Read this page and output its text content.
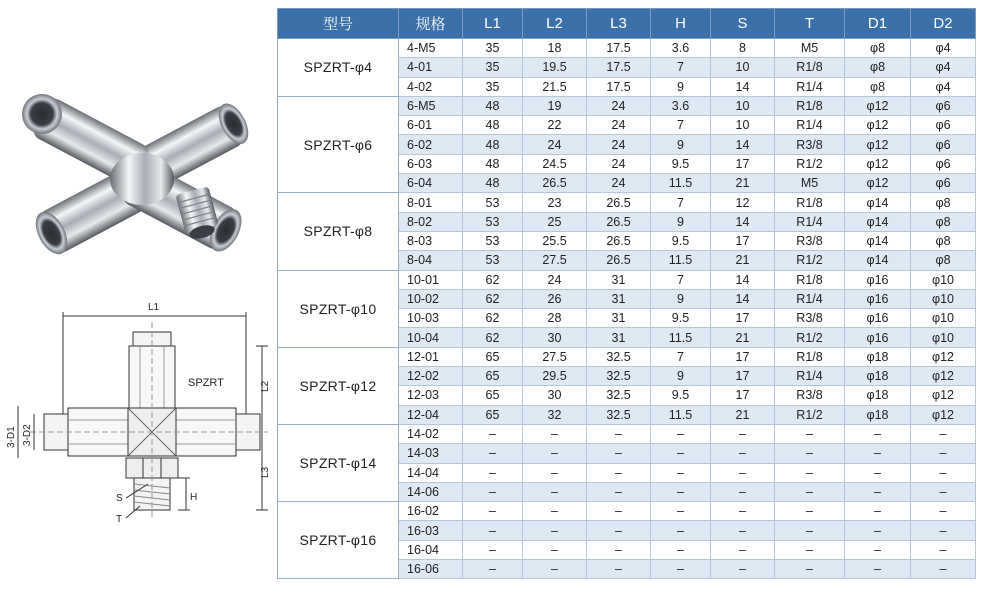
L1
SPZRT	L2
L3
H
S
T
3-D1 3-D2
型号	规格	L1	L2	L3	H	S	T	D1	D2
SPZRT-φ4	4-M5	35	18	17.5	3.6	8	M5	φ8	φ4
	4-01	35	19.5	17.5	7	10	R1/8	φ8	φ4
	4-02	35	21.5	17.5	9	14	R1/4	φ8	φ4
SPZRT-φ6	6-M5	48	19	24	3.6	10	R1/8	φ12	φ6
	6-01	48	22	24	7	10	R1/4	φ12	φ6
	6-02	48	24	24	9	14	R3/8	φ12	φ6
	6-03	48	24.5	24	9.5	17	R1/2	φ12	φ6
	6-04	48	26.5	24	11.5	21	M5	φ12	φ6
SPZRT-φ8	8-01	53	23	26.5	7	12	R1/8	φ14	φ8
	8-02	53	25	26.5	9	14	R1/4	φ14	φ8
	8-03	53	25.5	26.5	9.5	17	R3/8	φ14	φ8
	8-04	53	27.5	26.5	11.5	21	R1/2	φ14	φ8
SPZRT-φ10	10-01	62	24	31	7	14	R1/8	φ16	φ10
	10-02	62	26	31	9	14	R1/4	φ16	φ10
	10-03	62	28	31	9.5	17	R3/8	φ16	φ10
	10-04	62	30	31	11.5	21	R1/2	φ16	φ10
SPZRT-φ12	12-01	65	27.5	32.5	7	17	R1/8	φ18	φ12
	12-02	65	29.5	32.5	9	17	R1/4	φ18	φ12
	12-03	65	30	32.5	9.5	17	R3/8	φ18	φ12
	12-04	65	32	32.5	11.5	21	R1/2	φ18	φ12
SPZRT-φ14	14-02	–	–	–	–	–	–	–	–
	14-03	–	–	–	–	–	–	–	–
	14-04	–	–	–	–	–	–	–	–
	14-06	–	–	–	–	–	–	–	–
SPZRT-φ16	16-02	–	–	–	–	–	–	–	–
	16-03	–	–	–	–	–	–	–	–
	16-04	–	–	–	–	–	–	–	–
	16-06	–	–	–	–	–	–	–	–
